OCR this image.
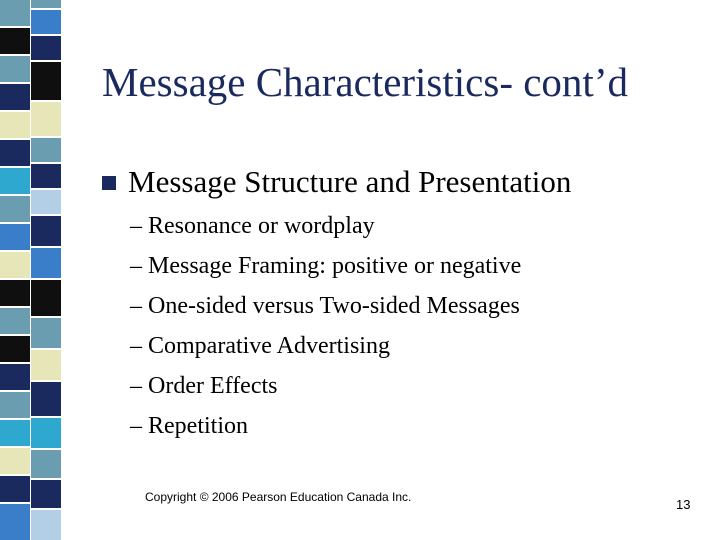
Message Characteristics- cont’d
Message Structure and Presentation
– Resonance or wordplay
– Message Framing: positive or negative
– One-sided versus Two-sided Messages
– Comparative Advertising
– Order Effects
– Repetition
Copyright © 2006 Pearson Education Canada Inc.	13
